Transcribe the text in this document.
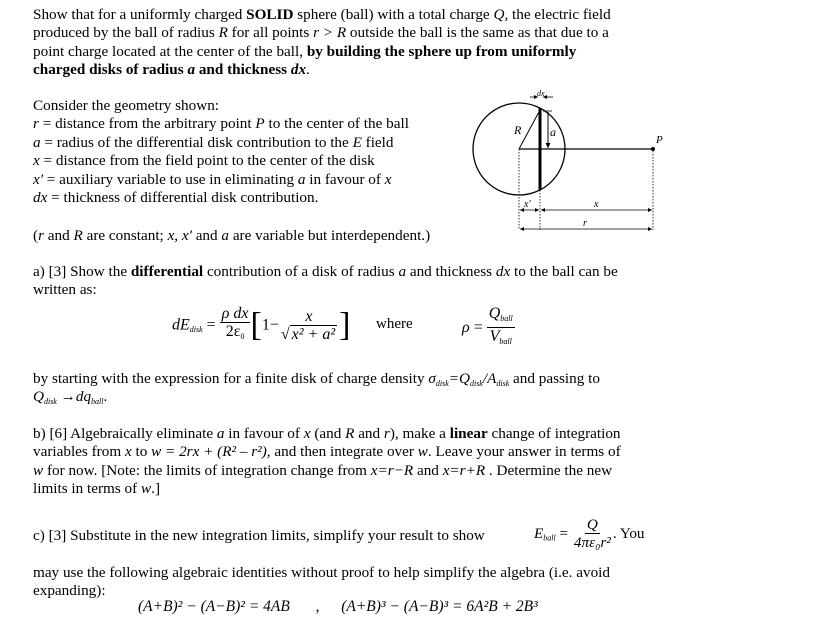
Show that for a uniformly charged SOLID sphere (ball) with a total charge Q, the electric field
produced by the ball of radius R for all points r > R outside the ball is the same as that due to a
point charge located at the center of the ball, by building the sphere up from uniformly
charged disks of radius a and thickness dx.
Consider the geometry shown:
r = distance from the arbitrary point P to the center of the ball
a = radius of the differential disk contribution to the E field
x = distance from the field point to the center of the disk
x' = auxiliary variable to use in eliminating a in favour of x
dx = thickness of differential disk contribution.
(r and R are constant; x, x' and a are variable but interdependent.)
dx
R a
P
x'	x
r
a) [3] Show the differential contribution of a disk of radius a and thickness dx to the ball can be
written as:
$dE_{disk} = \frac{\text{ρ dx}}{2\varepsilon_0} [1- \frac{x}{\text{√ x² + a²}}$ ] where	$\rho = \frac{Q_{ball}}{V_{ball}}$
by starting with the expression for a finite disk of charge density $\sigma_{disk}=Q_{disk}/A_{disk}$ and passing to
$Q_{disk} \to dq_{ball}$.
b) [6] Algebraically eliminate a in favour of x (and R and r), make a linear change of integration
variables from x to w = 2rx + (R² – r²), and then integrate over w. Leave your answer in terms of
w for now. [Note: the limits of integration change from x=r−R and x=r+R . Determine the new
limits in terms of w.]
c) [3] Substitute in the new integration limits, simplify your result to show	$E_{ball} = \frac{Q}{\text{4πε₀r²}}$ . You
may use the following algebraic identities without proof to help simplify the algebra (i.e. avoid
expanding):
(A+B)² − (A−B)² = 4AB , (A+B)³ − (A−B)³ = 6A²B + 2B³
